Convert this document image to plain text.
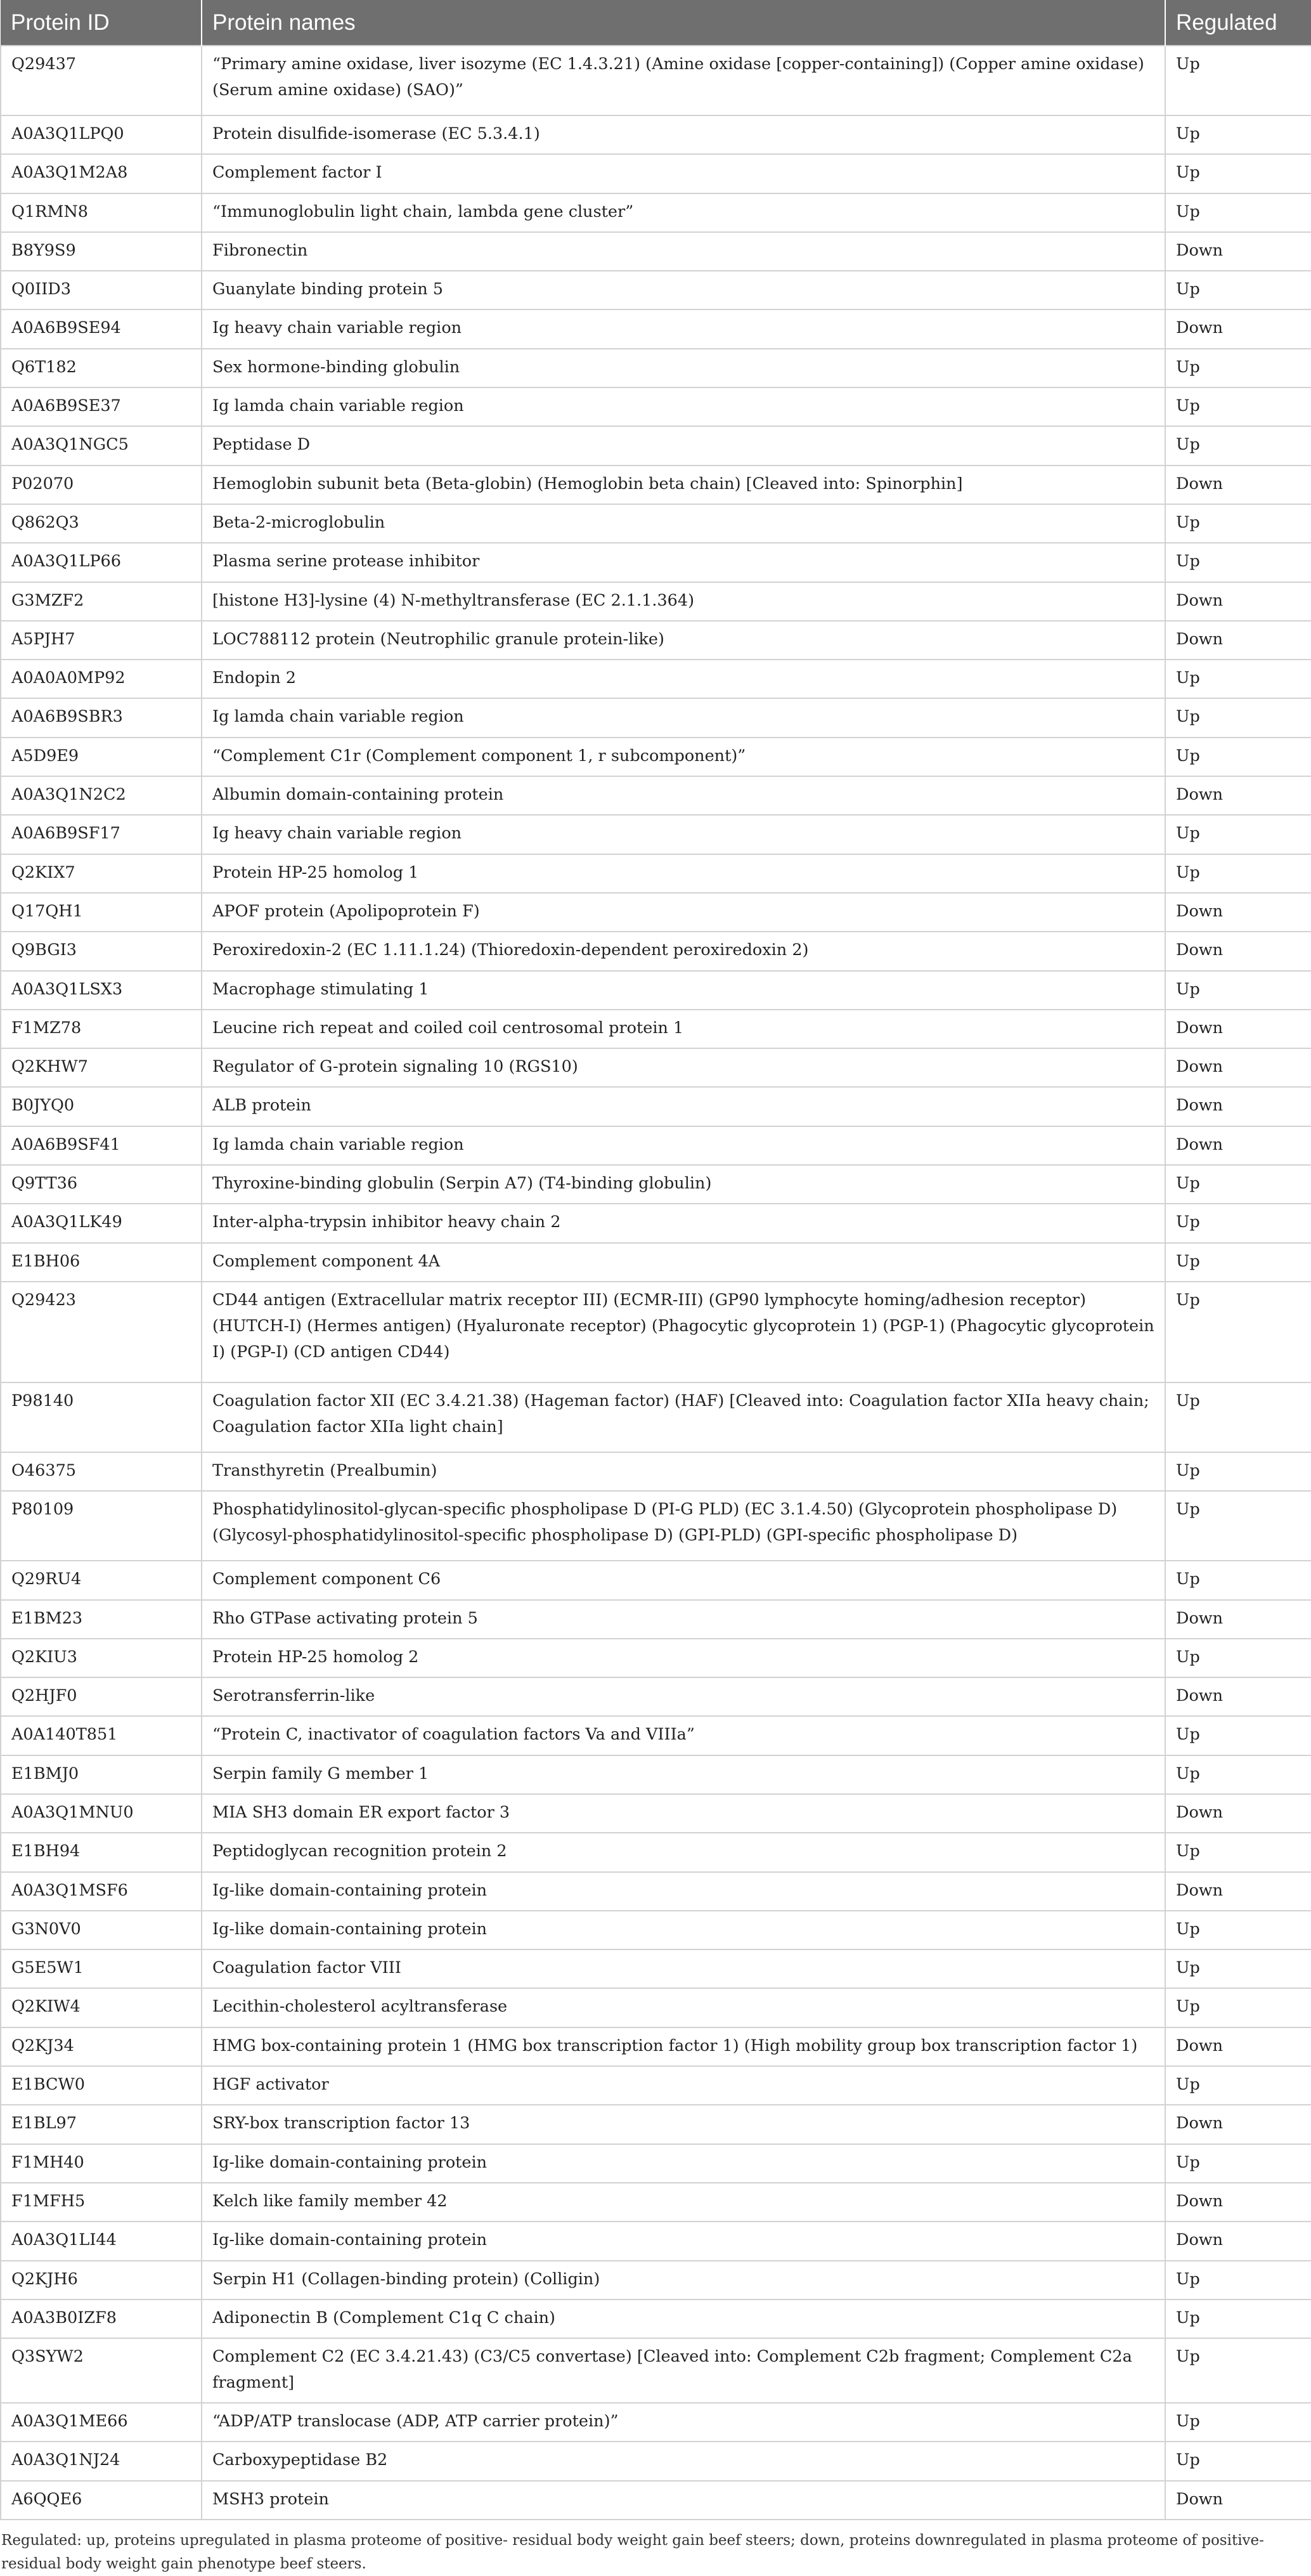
Protein ID	Protein names	Regulated
Q29437	“Primary amine oxidase, liver isozyme (EC 1.4.3.21) (Amine oxidase [copper-containing]) (Copper amine oxidase) (Serum amine oxidase) (SAO)”	Up
A0A3Q1LPQ0	Protein disulfide-isomerase (EC 5.3.4.1)	Up
A0A3Q1M2A8	Complement factor I	Up
Q1RMN8	“Immunoglobulin light chain, lambda gene cluster”	Up
B8Y9S9	Fibronectin	Down
Q0IID3	Guanylate binding protein 5	Up
A0A6B9SE94	Ig heavy chain variable region	Down
Q6T182	Sex hormone-binding globulin	Up
A0A6B9SE37	Ig lamda chain variable region	Up
A0A3Q1NGC5	Peptidase D	Up
P02070	Hemoglobin subunit beta (Beta-globin) (Hemoglobin beta chain) [Cleaved into: Spinorphin]	Down
Q862Q3	Beta-2-microglobulin	Up
A0A3Q1LP66	Plasma serine protease inhibitor	Up
G3MZF2	[histone H3]-lysine (4) N-methyltransferase (EC 2.1.1.364)	Down
A5PJH7	LOC788112 protein (Neutrophilic granule protein-like)	Down
A0A0A0MP92	Endopin 2	Up
A0A6B9SBR3	Ig lamda chain variable region	Up
A5D9E9	“Complement C1r (Complement component 1, r subcomponent)”	Up
A0A3Q1N2C2	Albumin domain-containing protein	Down
A0A6B9SF17	Ig heavy chain variable region	Up
Q2KIX7	Protein HP-25 homolog 1	Up
Q17QH1	APOF protein (Apolipoprotein F)	Down
Q9BGI3	Peroxiredoxin-2 (EC 1.11.1.24) (Thioredoxin-dependent peroxiredoxin 2)	Down
A0A3Q1LSX3	Macrophage stimulating 1	Up
F1MZ78	Leucine rich repeat and coiled coil centrosomal protein 1	Down
Q2KHW7	Regulator of G-protein signaling 10 (RGS10)	Down
B0JYQ0	ALB protein	Down
A0A6B9SF41	Ig lamda chain variable region	Down
Q9TT36	Thyroxine-binding globulin (Serpin A7) (T4-binding globulin)	Up
A0A3Q1LK49	Inter-alpha-trypsin inhibitor heavy chain 2	Up
E1BH06	Complement component 4A	Up
Q29423	CD44 antigen (Extracellular matrix receptor III) (ECMR-III) (GP90 lymphocyte homing/adhesion receptor) (HUTCH-I) (Hermes antigen) (Hyaluronate receptor) (Phagocytic glycoprotein 1) (PGP-1) (Phagocytic glycoprotein I) (PGP-I) (CD antigen CD44)	Up
P98140	Coagulation factor XII (EC 3.4.21.38) (Hageman factor) (HAF) [Cleaved into: Coagulation factor XIIa heavy chain; Coagulation factor XIIa light chain]	Up
O46375	Transthyretin (Prealbumin)	Up
P80109	Phosphatidylinositol-glycan-specific phospholipase D (PI-G PLD) (EC 3.1.4.50) (Glycoprotein phospholipase D) (Glycosyl-phosphatidylinositol-specific phospholipase D) (GPI-PLD) (GPI-specific phospholipase D)	Up
Q29RU4	Complement component C6	Up
E1BM23	Rho GTPase activating protein 5	Down
Q2KIU3	Protein HP-25 homolog 2	Up
Q2HJF0	Serotransferrin-like	Down
A0A140T851	“Protein C, inactivator of coagulation factors Va and VIIIa”	Up
E1BMJ0	Serpin family G member 1	Up
A0A3Q1MNU0	MIA SH3 domain ER export factor 3	Down
E1BH94	Peptidoglycan recognition protein 2	Up
A0A3Q1MSF6	Ig-like domain-containing protein	Down
G3N0V0	Ig-like domain-containing protein	Up
G5E5W1	Coagulation factor VIII	Up
Q2KIW4	Lecithin-cholesterol acyltransferase	Up
Q2KJ34	HMG box-containing protein 1 (HMG box transcription factor 1) (High mobility group box transcription factor 1)	Down
E1BCW0	HGF activator	Up
E1BL97	SRY-box transcription factor 13	Down
F1MH40	Ig-like domain-containing protein	Up
F1MFH5	Kelch like family member 42	Down
A0A3Q1LI44	Ig-like domain-containing protein	Down
Q2KJH6	Serpin H1 (Collagen-binding protein) (Colligin)	Up
A0A3B0IZF8	Adiponectin B (Complement C1q C chain)	Up
Q3SYW2	Complement C2 (EC 3.4.21.43) (C3/C5 convertase) [Cleaved into: Complement C2b fragment; Complement C2a fragment]	Up
A0A3Q1ME66	“ADP/ATP translocase (ADP, ATP carrier protein)”	Up
A0A3Q1NJ24	Carboxypeptidase B2	Up
A6QQE6	MSH3 protein	Down
Regulated: up, proteins upregulated in plasma proteome of positive- residual body weight gain beef steers; down, proteins downregulated in plasma proteome of positive- residual body weight gain phenotype beef steers.
